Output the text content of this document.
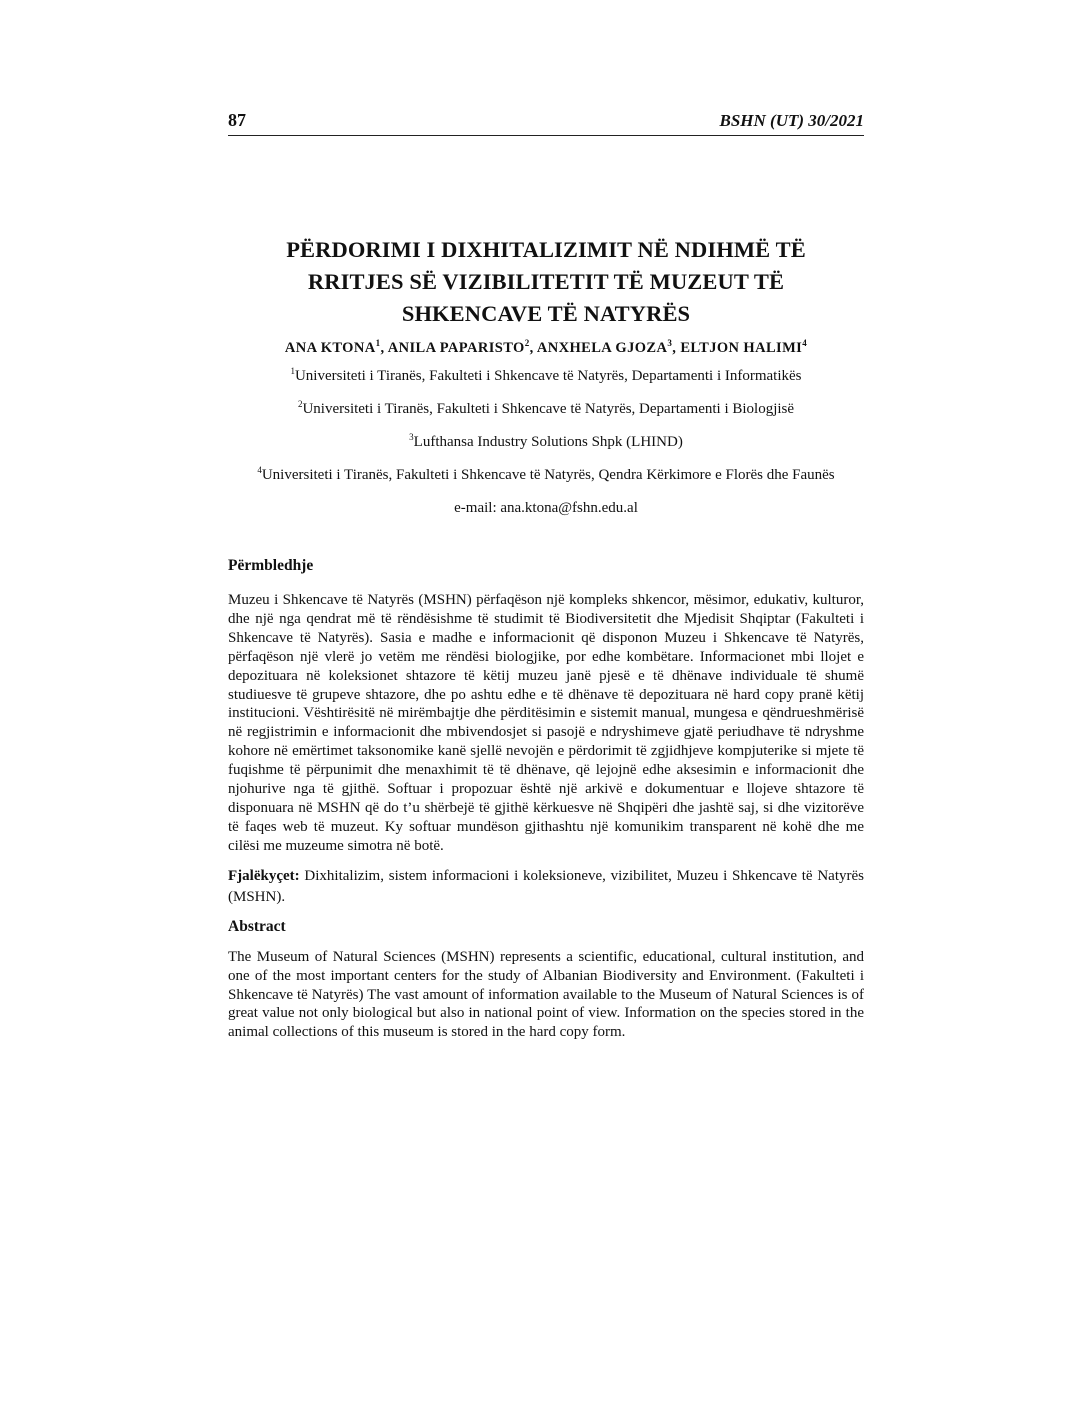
87	BSHN (UT) 30/2021
PËRDORIMI I DIXHITALIZIMIT NË NDIHMË TË
RRITJES SË VIZIBILITETIT TË MUZEUT TË
SHKENCAVE TË NATYRËS
ANA KTONA$^1$, ANILA PAPARISTO$^2$, ANXHELA GJOZA$^3$, ELTJON HALIMI$^4$
$^1$Universiteti i Tiranës, Fakulteti i Shkencave të Natyrës, Departamenti i Informatikës
$^2$Universiteti i Tiranës, Fakulteti i Shkencave të Natyrës, Departamenti i Biologjisë
$^3$Lufthansa Industry Solutions Shpk (LHIND)
$^4$Universiteti i Tiranës, Fakulteti i Shkencave të Natyrës, Qendra Kërkimore e Florës dhe Faunës
e-mail: ana.ktona@fshn.edu.al
Përmbledhje
Muzeu i Shkencave të Natyrës (MSHN) përfaqëson një kompleks shkencor, mësimor, edukativ, kulturor, dhe një nga qendrat më të rëndësishme të studimit të Biodiversitetit dhe Mjedisit Shqiptar (Fakulteti i Shkencave të Natyrës). Sasia e madhe e informacionit që disponon Muzeu i Shkencave të Natyrës, përfaqëson një vlerë jo vetëm me rëndësi biologjike, por edhe kombëtare. Informacionet mbi llojet e depozituara në koleksionet shtazore të këtij muzeu janë pjesë e të dhënave individuale të shumë studiuesve të grupeve shtazore, dhe po ashtu edhe e të dhënave të depozituara në hard copy pranë këtij institucioni. Vështirësitë në mirëmbajtje dhe përditësimin e sistemit manual, mungesa e qëndrueshmërisë në regjistrimin e informacionit dhe mbivendosjet si pasojë e ndryshimeve gjatë periudhave të ndryshme kohore në emërtimet taksonomike kanë sjellë nevojën e përdorimit të zgjidhjeve kompjuterike si mjete të fuqishme të përpunimit dhe menaxhimit të të dhënave, që lejojnë edhe aksesimin e informacionit dhe njohurive nga të gjithë. Softuar i propozuar është një arkivë e dokumentuar e llojeve shtazore të disponuara në MSHN që do t’u shërbejë të gjithë kërkuesve në Shqipëri dhe jashtë saj, si dhe vizitorëve të faqes web të muzeut. Ky softuar mundëson gjithashtu një komunikim transparent në kohë dhe me cilësi me muzeume simotra në botë.
Fjalëkyçet: Dixhitalizim, sistem informacioni i koleksioneve, vizibilitet, Muzeu i Shkencave të Natyrës (MSHN).
Abstract
The Museum of Natural Sciences (MSHN) represents a scientific, educational, cultural institution, and one of the most important centers for the study of Albanian Biodiversity and Environment. (Fakulteti i Shkencave të Natyrës) The vast amount of information available to the Museum of Natural Sciences is of great value not only biological but also in national point of view. Information on the species stored in the animal collections of this museum is stored in the hard copy form.
